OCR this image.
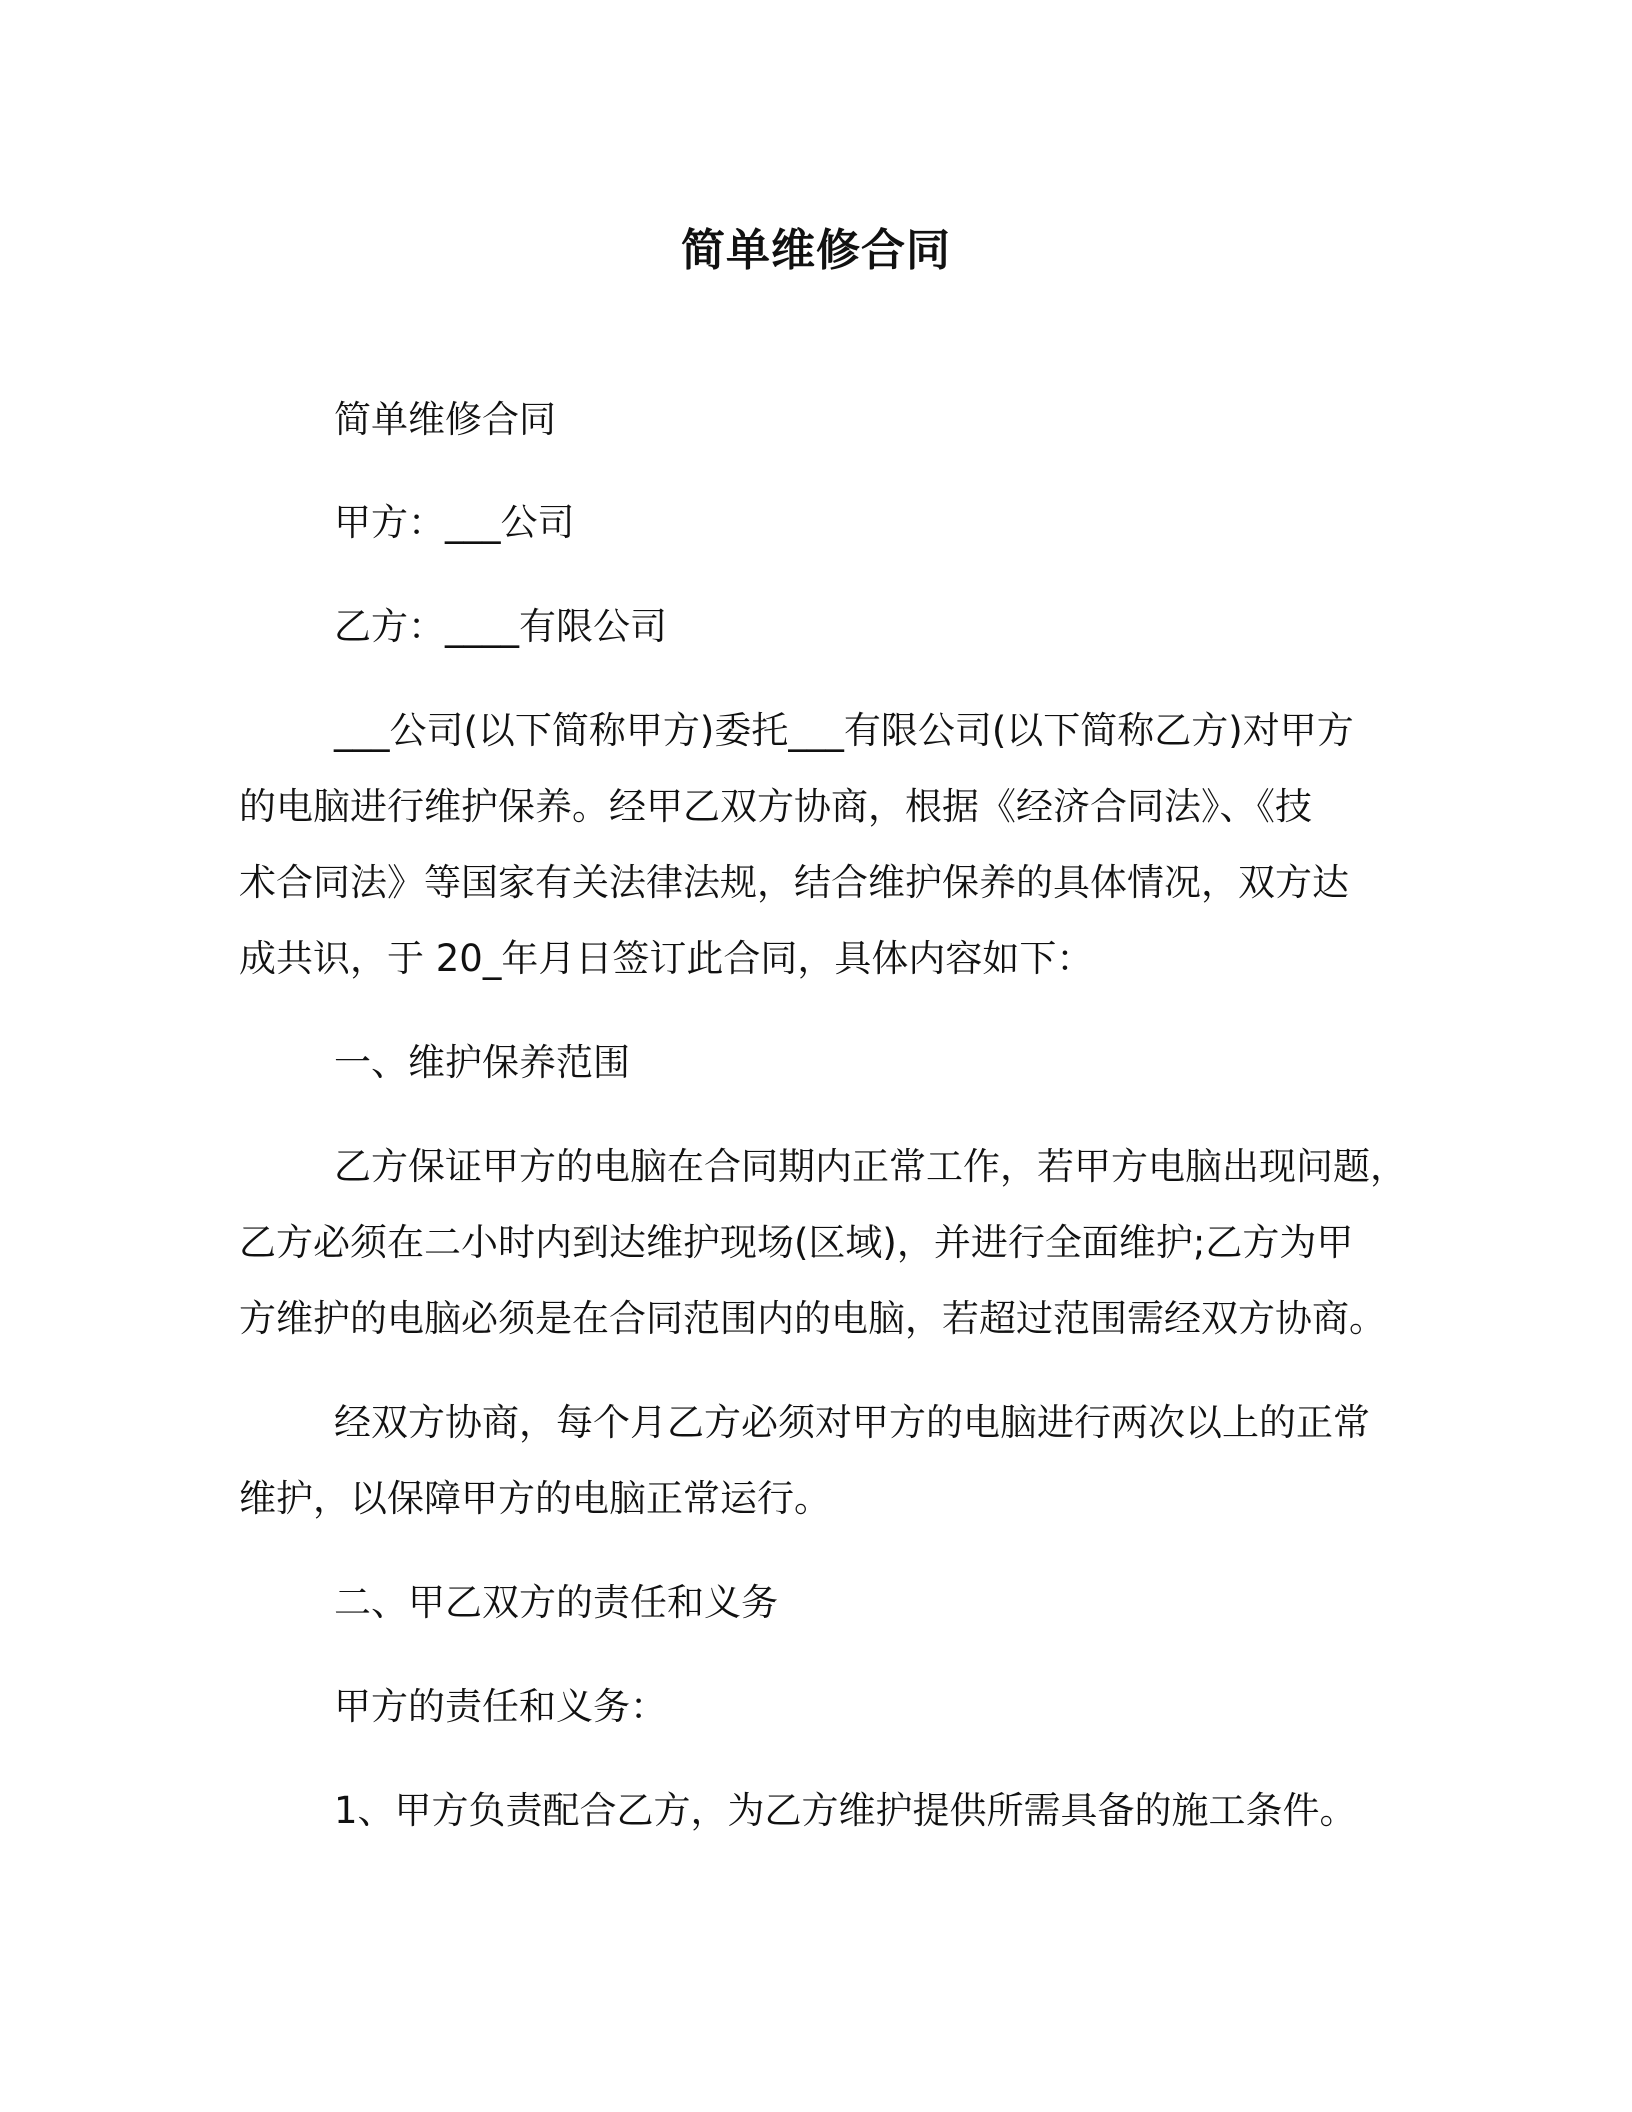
简单维修合同
简单维修合同
甲方：___公司
乙方：____有限公司
___公司(以下简称甲方)委托___有限公司(以下简称乙方)对甲方
的电脑进行维护保养。经甲乙双方协商，根据《经济合同法》、《技
术合同法》等国家有关法律法规，结合维护保养的具体情况，双方达
成共识，于 20_年月日签订此合同，具体内容如下：
一、维护保养范围
乙方保证甲方的电脑在合同期内正常工作，若甲方电脑出现问题，
乙方必须在二小时内到达维护现场(区域)，并进行全面维护;乙方为甲
方维护的电脑必须是在合同范围内的电脑，若超过范围需经双方协商。
经双方协商，每个月乙方必须对甲方的电脑进行两次以上的正常
维护，以保障甲方的电脑正常运行。
二、甲乙双方的责任和义务
甲方的责任和义务：
1、甲方负责配合乙方，为乙方维护提供所需具备的施工条件。
